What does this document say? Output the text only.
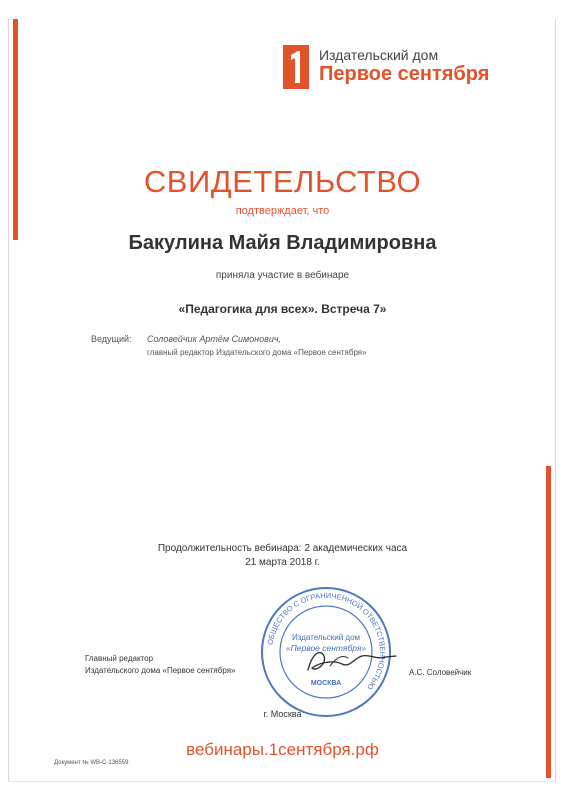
Издательский дом
Первое сентября
СВИДЕТЕЛЬСТВО
подтверждает, что
Бакулина Майя Владимировна
приняла участие в вебинаре
«Педагогика для всех». Встреча 7»
Ведущий: Соловейчик Артём Симонович,
главный редактор Издательского дома «Первое сентября»
Продолжительность вебинара: 2 академических часа
21 марта 2018 г.
ОБЩЕСТВО С ОГРАНИЧЕННОЙ ОТВЕТСТВЕННОСТЬЮ
Издательский дом
«Первое сентября»
МОСКВА
Главный редактор
Издательского дома «Первое сентября»	А.С. Соловейчик
г. Москва
вебинары.1сентября.рф
Документ № WB-C-136559
